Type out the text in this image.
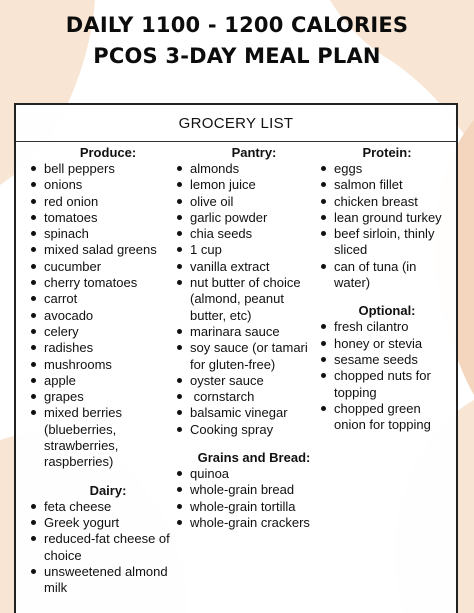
DAILY 1100 - 1200 CALORIES
PCOS 3-DAY MEAL PLAN
GROCERY LIST
Produce:
bell peppers
onions
red onion
tomatoes
spinach
mixed salad greens
cucumber
cherry tomatoes
carrot
avocado
celery
radishes
mushrooms
apple
grapes
mixed berries (blueberries, strawberries, raspberries)
Dairy:
feta cheese
Greek yogurt
reduced-fat cheese of choice
unsweetened almond milk
Pantry:
almonds
lemon juice
olive oil
garlic powder
chia seeds
1 cup
vanilla extract
nut butter of choice (almond, peanut butter, etc)
marinara sauce
soy sauce (or tamari for gluten-free)
oyster sauce
cornstarch
balsamic vinegar
Cooking spray
Grains and Bread:
quinoa
whole-grain bread
whole-grain tortilla
whole-grain crackers
Protein:
eggs
salmon fillet
chicken breast
lean ground turkey
beef sirloin, thinly sliced
can of tuna (in water)
Optional:
fresh cilantro
honey or stevia
sesame seeds
chopped nuts for topping
chopped green onion for topping
